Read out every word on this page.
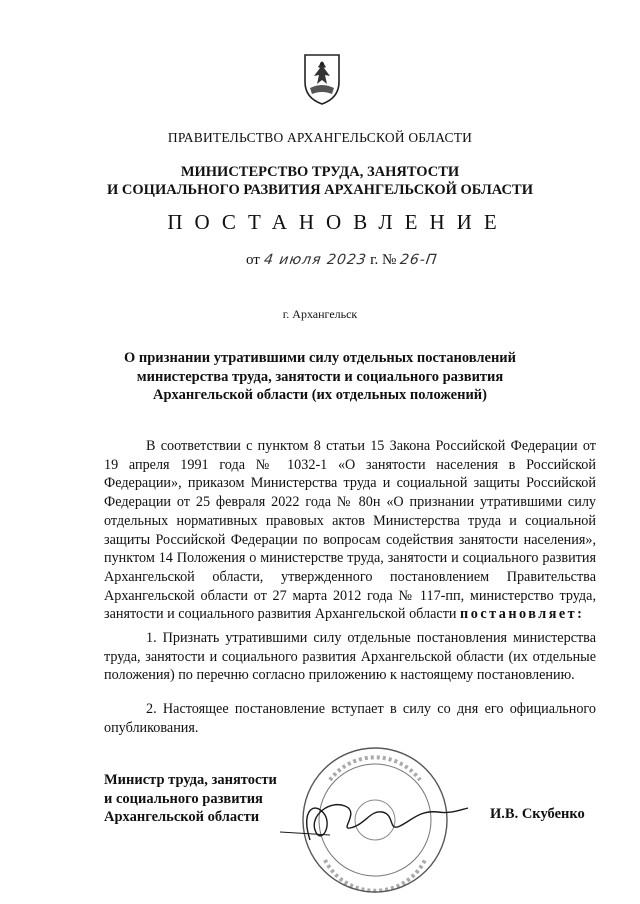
ПРАВИТЕЛЬСТВО АРХАНГЕЛЬСКОЙ ОБЛАСТИ
МИНИСТЕРСТВО ТРУДА, ЗАНЯТОСТИ
И СОЦИАЛЬНОГО РАЗВИТИЯ АРХАНГЕЛЬСКОЙ ОБЛАСТИ
ПОСТАНОВЛЕНИЕ
от 4 июля 2023 г. № 26-П
г. Архангельск
О признании утратившими силу отдельных постановлений
министерства труда, занятости и социального развития
Архангельской области (их отдельных положений)
В соответствии с пунктом 8 статьи 15 Закона Российской Федерации от 19 апреля 1991 года № 1032-1 «О занятости населения в Российской Федерации», приказом Министерства труда и социальной защиты Российской Федерации от 25 февраля 2022 года № 80н «О признании утратившими силу отдельных нормативных правовых актов Министерства труда и социальной защиты Российской Федерации по вопросам содействия занятости населения», пунктом 14 Положения о министерстве труда, занятости и социального развития Архангельской области, утвержденного постановлением Правительства Архангельской области от 27 марта 2012 года № 117-пп, министерство труда, занятости и социального развития Архангельской области постановляет:
1. Признать утратившими силу отдельные постановления министерства труда, занятости и социального развития Архангельской области (их отдельные положения) по перечню согласно приложению к настоящему постановлению.
2. Настоящее постановление вступает в силу со дня его официального опубликования.
Министр труда, занятости
и социального развития
Архангельской области	И.В. Скубенко
